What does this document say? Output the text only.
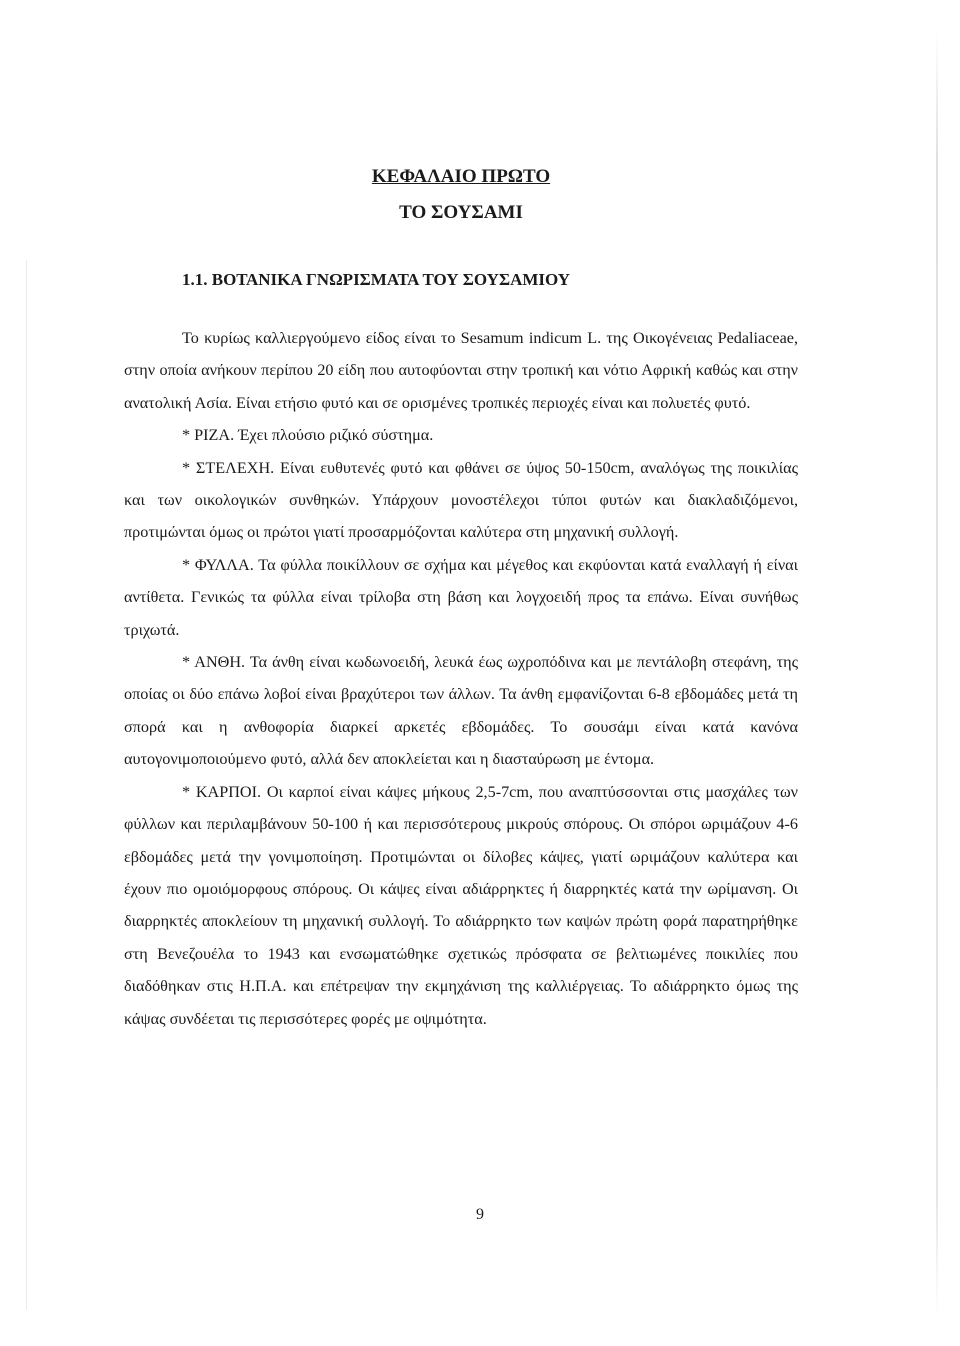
ΚΕΦΑΛΑΙΟ ΠΡΩΤΟ
ΤΟ ΣΟΥΣΑΜΙ
1.1. ΒΟΤΑΝΙΚΑ ΓΝΩΡΙΣΜΑΤΑ ΤΟΥ ΣΟΥΣΑΜΙΟΥ

Το κυρίως καλλιεργούμενο είδος είναι το Sesamum indicum L. της Οικογένειας Pedaliaceae, στην οποία ανήκουν περίπου 20 είδη που αυτοφύονται στην τροπική και νότιο Αφρική καθώς και στην ανατολική Ασία. Είναι ετήσιο φυτό και σε ορισμένες τροπικές περιοχές είναι και πολυετές φυτό.

* ΡΙΖΑ. Έχει πλούσιο ριζικό σύστημα.

* ΣΤΕΛΕΧΗ. Είναι ευθυτενές φυτό και φθάνει σε ύψος 50-150cm, αναλόγως της ποικιλίας και των οικολογικών συνθηκών. Υπάρχουν μονοστέλεχοι τύποι φυτών και διακλαδιζόμενοι, προτιμώνται όμως οι πρώτοι γιατί προσαρμόζονται καλύτερα στη μηχανική συλλογή.

* ΦΥΛΛΑ. Τα φύλλα ποικίλλουν σε σχήμα και μέγεθος και εκφύονται κατά εναλλαγή ή είναι αντίθετα. Γενικώς τα φύλλα είναι τρίλοβα στη βάση και λογχοειδή προς τα επάνω. Είναι συνήθως τριχωτά.

* ΑΝΘΗ. Τα άνθη είναι κωδωνοειδή, λευκά έως ωχροπόδινα και με πεντάλοβη στεφάνη, της οποίας οι δύο επάνω λοβοί είναι βραχύτεροι των άλλων. Τα άνθη εμφανίζονται 6-8 εβδομάδες μετά τη σπορά και η ανθοφορία διαρκεί αρκετές εβδομάδες. Το σουσάμι είναι κατά κανόνα αυτογονιμοποιούμενο φυτό, αλλά δεν αποκλείεται και η διασταύρωση με έντομα.

* ΚΑΡΠΟΙ. Οι καρποί είναι κάψες μήκους 2,5-7cm, που αναπτύσσονται στις μασχάλες των φύλλων και περιλαμβάνουν 50-100 ή και περισσότερους μικρούς σπόρους. Οι σπόροι ωριμάζουν 4-6 εβδομάδες μετά την γονιμοποίηση. Προτιμώνται οι δίλοβες κάψες, γιατί ωριμάζουν καλύτερα και έχουν πιο ομοιόμορφους σπόρους. Οι κάψες είναι αδιάρρηκτες ή διαρρηκτές κατά την ωρίμανση. Οι διαρρηκτές αποκλείουν τη μηχανική συλλογή. Το αδιάρρηκτο των καψών πρώτη φορά παρατηρήθηκε στη Βενεζουέλα το 1943 και ενσωματώθηκε σχετικώς πρόσφατα σε βελτιωμένες ποικιλίες που διαδόθηκαν στις Η.Π.Α. και επέτρεψαν την εκμηχάνιση της καλλιέργειας. Το αδιάρρηκτο όμως της κάψας συνδέεται τις περισσότερες φορές με οψιμότητα.

9
